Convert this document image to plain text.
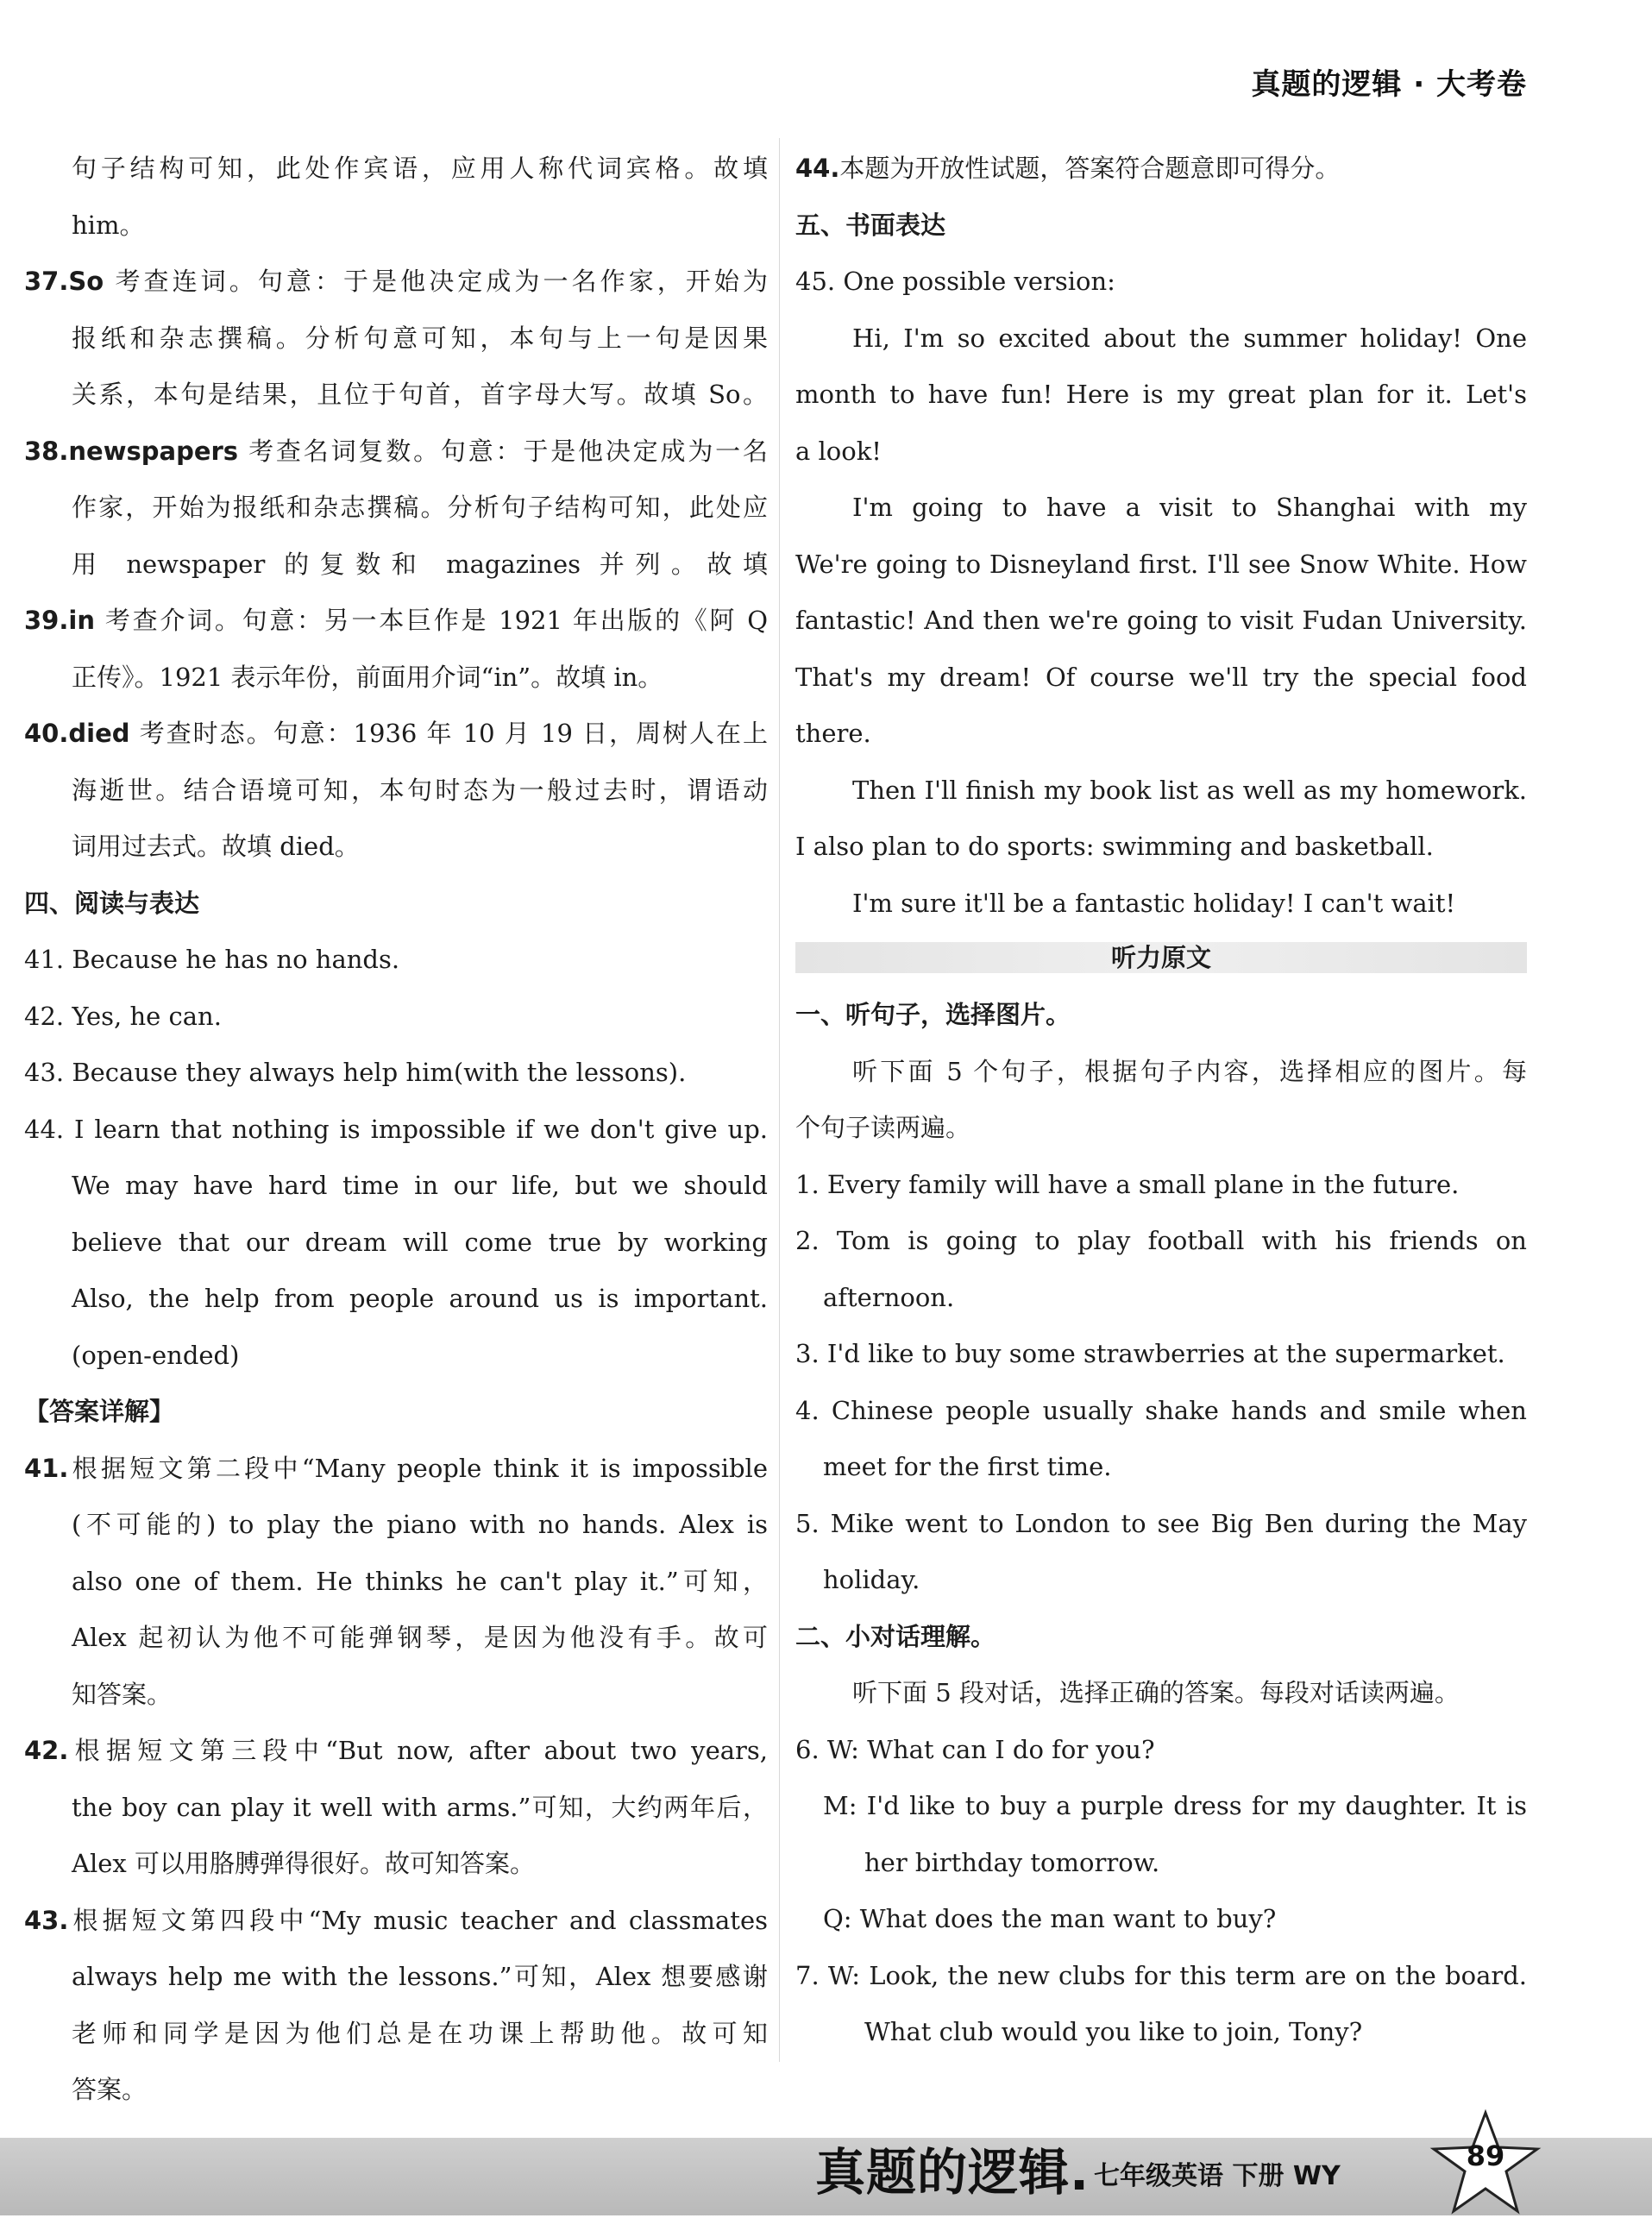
真题的逻辑 · 大考卷
句子结构可知，此处作宾语，应用人称代词宾格。故填
him。
37.So 考查连词。句意：于是他决定成为一名作家，开始为
报纸和杂志撰稿。分析句意可知，本句与上一句是因果
关系，本句是结果，且位于句首，首字母大写。故填 So。
38.newspapers 考查名词复数。句意：于是他决定成为一名
作家，开始为报纸和杂志撰稿。分析句子结构可知，此处应
用 newspaper 的复数和 magazines 并列。故填
39.in 考查介词。句意：另一本巨作是 1921 年出版的《阿 Q
正传》。1921 表示年份，前面用介词“in”。故填 in。
40.died 考查时态。句意：1936 年 10 月 19 日，周树人在上
海逝世。结合语境可知，本句时态为一般过去时，谓语动
词用过去式。故填 died。
四、阅读与表达
41. Because he has no hands.
42. Yes, he can.
43. Because they always help him(with the lessons).
44. I learn that nothing is impossible if we don't give up.
We may have hard time in our life, but we should
believe that our dream will come true by working
Also, the help from people around us is important.
(open-ended)
【答案详解】
41.根据短文第二段中“Many people think it is impossible
(不可能的) to play the piano with no hands. Alex is
also one of them. He thinks he can't play it.”可知，
Alex 起初认为他不可能弹钢琴，是因为他没有手。故可
知答案。
42.根据短文第三段中“But now, after about two years,
the boy can play it well with arms.”可知，大约两年后，
Alex 可以用胳膊弹得很好。故可知答案。
43.根据短文第四段中“My music teacher and classmates
always help me with the lessons.”可知，Alex 想要感谢
老师和同学是因为他们总是在功课上帮助他。故可知
答案。
44.本题为开放性试题，答案符合题意即可得分。
五、书面表达
45. One possible version:
Hi, I'm so excited about the summer holiday! One
month to have fun! Here is my great plan for it. Let's
a look!
I'm going to have a visit to Shanghai with my
We're going to Disneyland first. I'll see Snow White. How
fantastic! And then we're going to visit Fudan University.
That's my dream! Of course we'll try the special food
there.
Then I'll finish my book list as well as my homework.
I also plan to do sports: swimming and basketball.
I'm sure it'll be a fantastic holiday! I can't wait!
听力原文
一、听句子，选择图片。
听下面 5 个句子，根据句子内容，选择相应的图片。每
个句子读两遍。
1. Every family will have a small plane in the future.
2. Tom is going to play football with his friends on
afternoon.
3. I'd like to buy some strawberries at the supermarket.
4. Chinese people usually shake hands and smile when
meet for the first time.
5. Mike went to London to see Big Ben during the May
holiday.
二、小对话理解。
听下面 5 段对话，选择正确的答案。每段对话读两遍。
6. W: What can I do for you?
M: I'd like to buy a purple dress for my daughter. It is
her birthday tomorrow.
Q: What does the man want to buy?
7. W: Look, the new clubs for this term are on the board.
What club would you like to join, Tony?
真题的逻辑. 七年级英语 下册 WY
89
